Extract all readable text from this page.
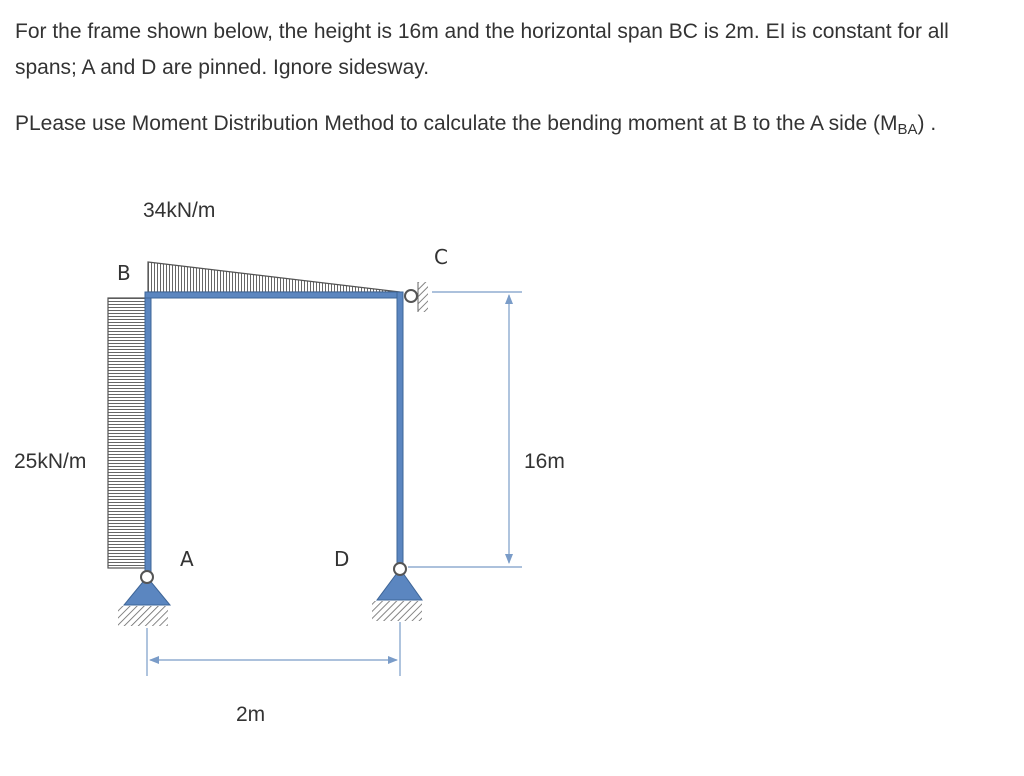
For the frame shown below, the height is 16m and the horizontal span BC is 2m. EI is constant for all spans; A and D are pinned. Ignore sidesway.

PLease use Moment Distribution Method to calculate the bending moment at B to the A side $(M_{BA})$ .

34kN/m
25kN/m	16m
2m
B
C
A	D
